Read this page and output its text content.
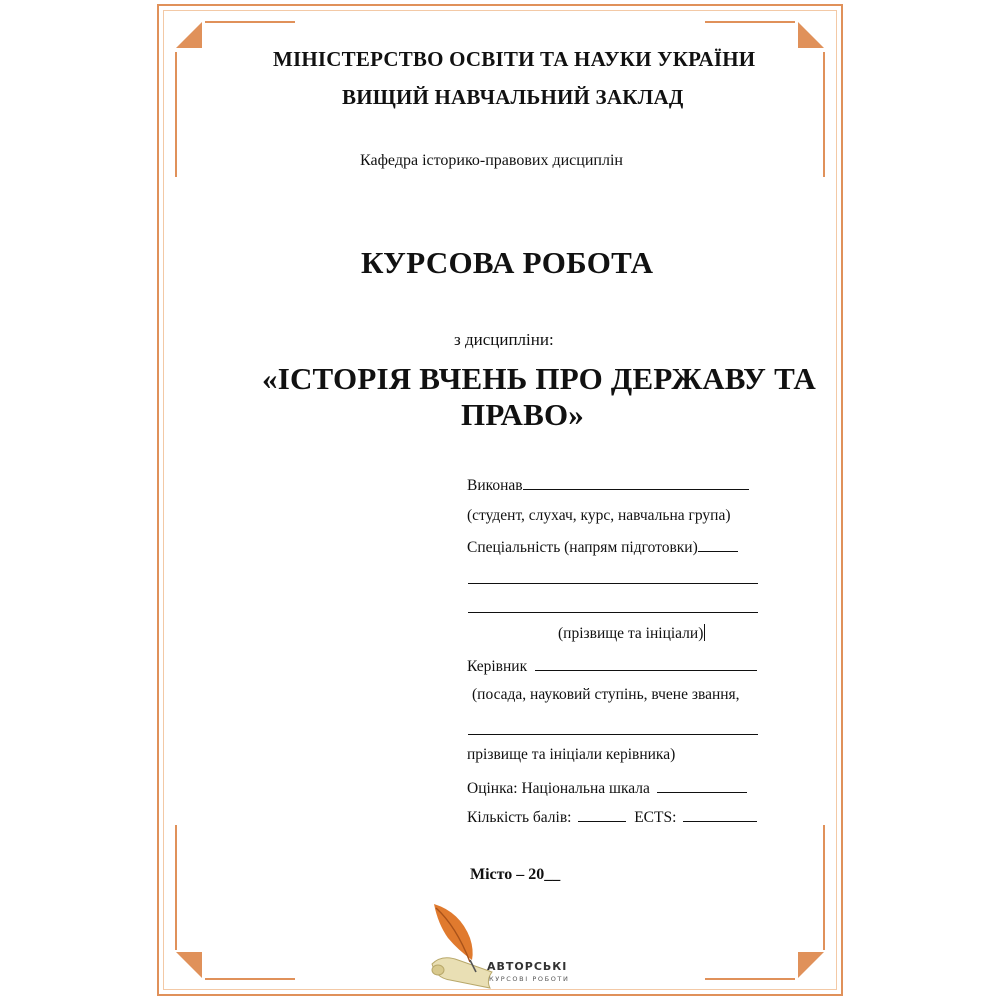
МІНІСТЕРСТВО ОСВІТИ ТА НАУКИ УКРАЇНИ
ВИЩИЙ НАВЧАЛЬНИЙ ЗАКЛАД
Кафедра історико-правових дисциплін
КУРСОВА РОБОТА
з дисципліни:
«ІСТОРІЯ ВЧЕНЬ ПРО ДЕРЖАВУ ТА
ПРАВО»
Виконав
(студент, слухач, курс, навчальна група)
Спеціальність (напрям підготовки)
(прізвище та ініціали)
Керівник
(посада, науковий ступінь, вчене звання,
прізвище та ініціали керівника)
Оцінка: Національна шкала
Кількість балів:	ECTS:
Місто – 20__
АВТОРСЬКІ
КУРСОВІ РОБОТИ
